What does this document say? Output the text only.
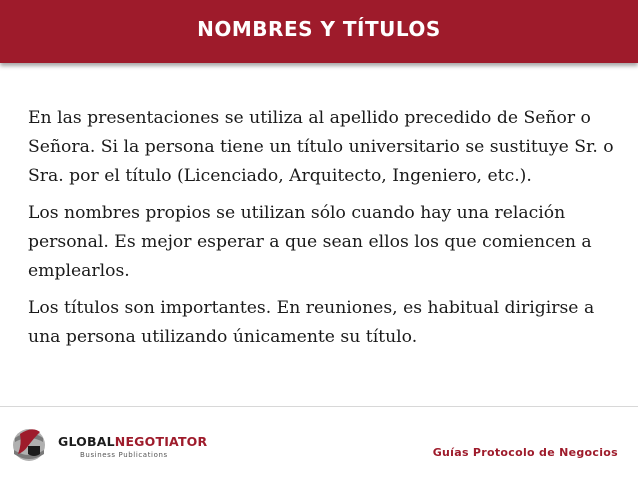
NOMBRES Y TÍTULOS

En las presentaciones se utiliza al apellido precedido de Señor o Señora. Si la persona tiene un título universitario se sustituye Sr. o Sra. por el título (Licenciado, Arquitecto, Ingeniero, etc.).

Los nombres propios se utilizan sólo cuando hay una relación personal. Es mejor esperar a que sean ellos los que comiencen a emplearlos.

Los títulos son importantes. En reuniones, es habitual dirigirse a una persona utilizando únicamente su título.

GLOBALNEGOTIATOR
Business Publications	Guías Protocolo de Negocios
